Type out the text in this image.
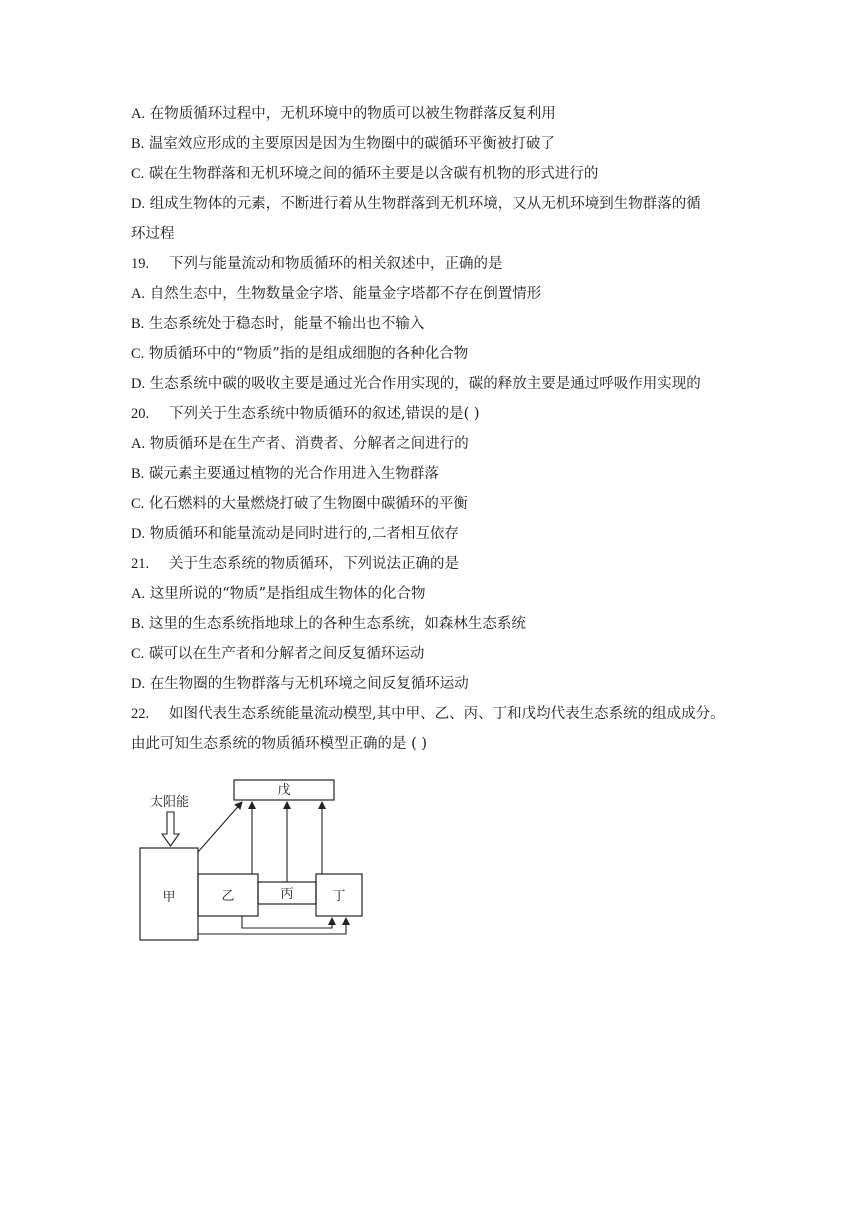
A. 在物质循环过程中，无机环境中的物质可以被生物群落反复利用
B. 温室效应形成的主要原因是因为生物圈中的碳循环平衡被打破了
C. 碳在生物群落和无机环境之间的循环主要是以含碳有机物的形式进行的
D. 组成生物体的元素，不断进行着从生物群落到无机环境，又从无机环境到生物群落的循
环过程
19. 下列与能量流动和物质循环的相关叙述中，正确的是
A. 自然生态中，生物数量金字塔、能量金字塔都不存在倒置情形
B. 生态系统处于稳态时，能量不输出也不输入
C. 物质循环中的“物质”指的是组成细胞的各种化合物
D. 生态系统中碳的吸收主要是通过光合作用实现的，碳的释放主要是通过呼吸作用实现的
20. 下列关于生态系统中物质循环的叙述,错误的是( )
A. 物质循环是在生产者、消费者、分解者之间进行的
B. 碳元素主要通过植物的光合作用进入生物群落
C. 化石燃料的大量燃烧打破了生物圈中碳循环的平衡
D. 物质循环和能量流动是同时进行的,二者相互依存
21. 关于生态系统的物质循环，下列说法正确的是
A. 这里所说的“物质”是指组成生物体的化合物
B. 这里的生态系统指地球上的各种生态系统，如森林生态系统
C. 碳可以在生产者和分解者之间反复循环运动
D. 在生物圈的生物群落与无机环境之间反复循环运动
22. 如图代表生态系统能量流动模型,其中甲、乙、丙、丁和戊均代表生态系统的组成成分。
由此可知生态系统的物质循环模型正确的是 ( )
太阳能
戊
甲	乙	丙	丁
